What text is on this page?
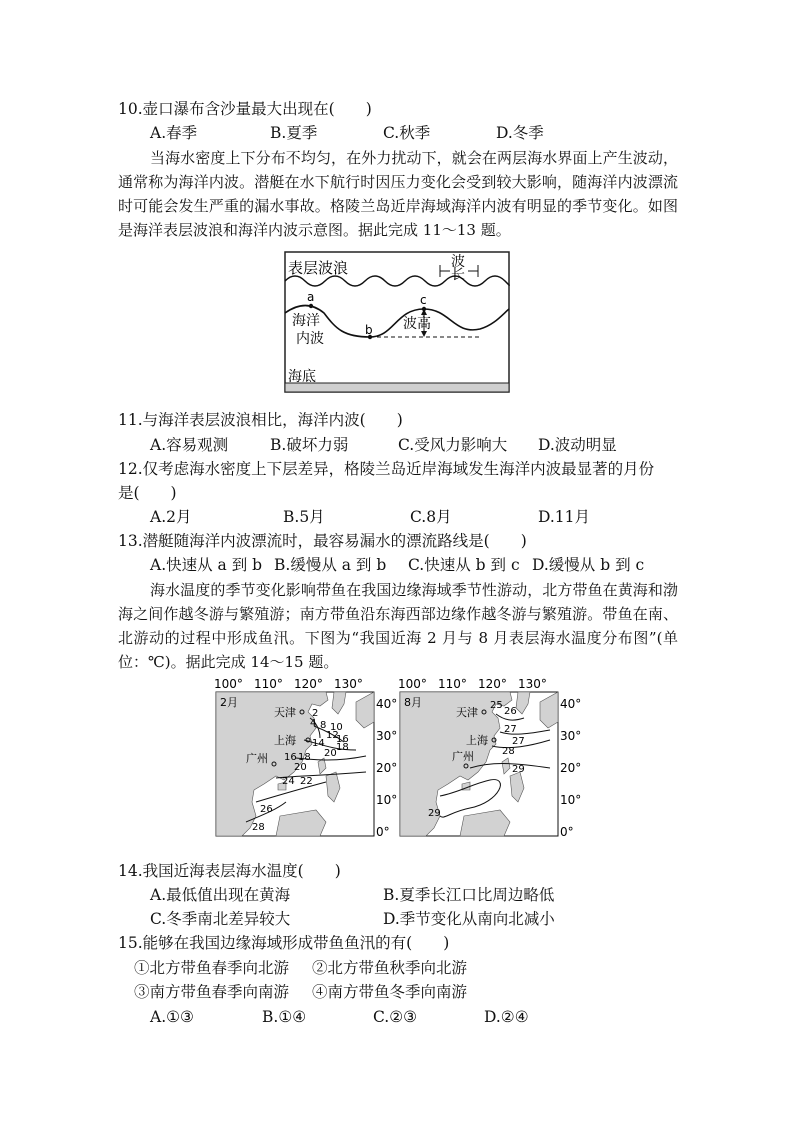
10.壶口瀑布含沙量最大出现在(　　)
A.春季	B.夏季	C.秋季	D.冬季
当海水密度上下分布不均匀，在外力扰动下，就会在两层海水界面上产生波动，通常称为海洋内波。潜艇在水下航行时因压力变化会受到较大影响，随海洋内波漂流时可能会发生严重的漏水事故。格陵兰岛近岸海域海洋内波有明显的季节变化。如图是海洋表层波浪和海洋内波示意图。据此完成 11～13 题。
表层波浪	波
长
a
b
c
海洋
内波
波高
海底
11.与海洋表层波浪相比，海洋内波(　　)
A.容易观测	B.破坏力弱	C.受风力影响大 D.波动明显
12.仅考虑海水密度上下层差异，格陵兰岛近岸海域发生海洋内波最显著的月份
是(　　)
A.2月	B.5月	C.8月	D.11月
13.潜艇随海洋内波漂流时，最容易漏水的漂流路线是(　　)
A.快速从 a 到 b B.缓慢从 a 到 b C.快速从 b 到 c D.缓慢从 b 到 c
海水温度的季节变化影响带鱼在我国边缘海域季节性游动，北方带鱼在黄海和渤海之间作越冬游与繁殖游；南方带鱼沿东海西部边缘作越冬游与繁殖游。带鱼在南、北游动的过程中形成鱼汛。下图为“我国近海 2 月与 8 月表层海水温度分布图”(单位：℃)。据此完成 14～15 题。
100° 110° 120° 130°
天津
上海
广州
2月
2
4 8 10
12
14 16
16 18
18
20
20
22
24
26
28
40°
30°
20°
10°
0°
100° 110° 120° 130°
天津
上海
广州
8月	25
26
27
27
28
29
29
40°
30°
20°
10°
0°
14.我国近海表层海水温度(　　)
A.最低值出现在黄海	B.夏季长江口比周边略低
C.冬季南北差异较大	D.季节变化从南向北减小
15.能够在我国边缘海域形成带鱼鱼汛的有(　　)
①北方带鱼春季向北游 ②北方带鱼秋季向北游
③南方带鱼春季向南游 ④南方带鱼冬季向南游
A.①③	B.①④	C.②③	D.②④
